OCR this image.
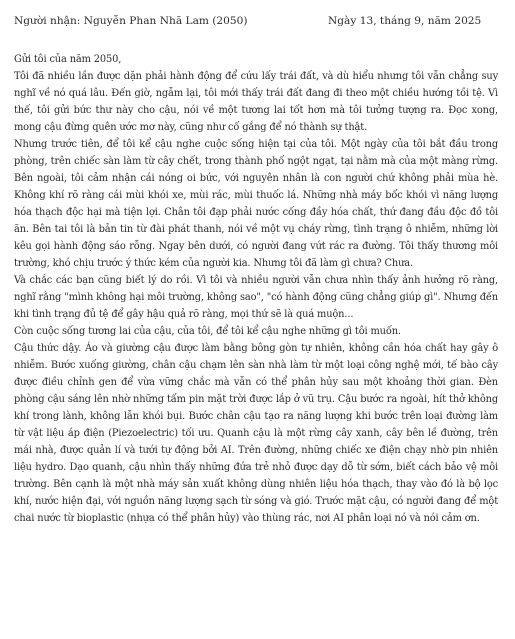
Người nhận: Nguyễn Phan Nhã Lam (2050)	Ngày 13, tháng 9, năm 2025

Gửi tôi của năm 2050,

Tôi đã nhiều lần được dặn phải hành động để cứu lấy trái đất, và dù hiểu nhưng tôi vẫn chẳng suy nghĩ về nó quá lâu. Đến giờ, ngẫm lại, tôi mới thấy trái đất đang đi theo một chiều hướng tồi tệ. Vì thế, tôi gửi bức thư này cho cậu, nói về một tương lai tốt hơn mà tôi tưởng tượng ra. Đọc xong, mong cậu đừng quên ước mơ này, cũng như cố gắng để nó thành sự thật.

Nhưng trước tiên, để tôi kể cậu nghe cuộc sống hiện tại của tôi. Một ngày của tôi bắt đầu trong phòng, trên chiếc sàn làm từ cây chết, trong thành phố ngột ngạt, tại nằm mà của một màng rừng. Bên ngoài, tôi cảm nhận cái nóng oi bức, với nguyên nhân là con người chứ không phải mùa hè. Không khí rõ ràng cái mùi khói xe, mùi rác, mùi thuốc lá. Những nhà máy bốc khói vì năng lượng hóa thạch độc hại mà tiện lợi. Chân tôi đạp phải nước cống đầy hóa chất, thứ đang đầu độc đồ tôi ăn. Bên tai tôi là bản tin từ đài phát thanh, nói về một vụ cháy rừng, tình trạng ô nhiễm, những lời kêu gọi hành động sáo rỗng. Ngay bên dưới, có người đang vứt rác ra đường. Tôi thấy thương môi trường, khó chịu trước ý thức kém của người kia. Nhưng tôi đã làm gì chưa? Chưa.

Và chắc các bạn cũng biết lý do rồi. Vì tôi và nhiều người vẫn chưa nhìn thấy ảnh hưởng rõ ràng, nghĩ rằng "mình không hại môi trường, không sao", "có hành động cũng chẳng giúp gì". Nhưng đến khi tình trạng đủ tệ để gây hậu quả rõ ràng, mọi thứ sẽ là quá muộn...

Còn cuộc sống tương lai của cậu, của tôi, để tôi kể cậu nghe những gì tôi muốn.

Cậu thức dậy. Áo và giường cậu được làm bằng bông gòn tự nhiên, không cần hóa chất hay gây ô nhiễm. Bước xuống giường, chân cậu chạm lên sàn nhà làm từ một loại công nghệ mới, tế bào cây được điều chỉnh gen để vừa vững chắc mà vẫn có thể phân hủy sau một khoảng thời gian. Đèn phòng cậu sáng lên nhờ những tấm pin mặt trời được lắp ở vũ trụ. Cậu bước ra ngoài, hít thở không khí trong lành, không lẫn khói bụi. Bước chân cậu tạo ra năng lượng khi bước trên loại đường làm từ vật liệu áp điện (Piezoelectric) tối ưu. Quanh cậu là một rừng cây xanh, cây bên lề đường, trên mái nhà, được quản lí và tưới tự động bởi AI. Trên đường, những chiếc xe điện chạy nhờ pin nhiên liệu hydro. Dạo quanh, cậu nhìn thấy những đứa trẻ nhỏ được dạy dỗ từ sớm, biết cách bảo vệ môi trường. Bên cạnh là một nhà máy sản xuất không dùng nhiên liệu hóa thạch, thay vào đó là bộ lọc khí, nước hiện đại, với nguồn năng lượng sạch từ sóng và gió. Trước mặt cậu, có người đang để một chai nước từ bioplastic (nhựa có thể phân hủy) vào thùng rác, nơi AI phân loại nó và nói cảm ơn.
